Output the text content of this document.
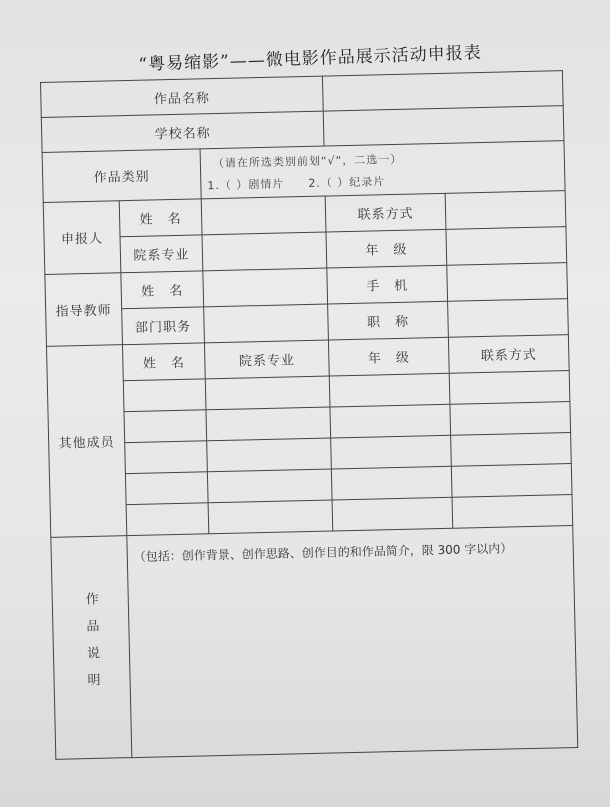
“粤易缩影”——微电影作品展示活动申报表
作品名称				
学校名称				
作品类别		（请在所选类别前划“√”，二选一）
1.（ ）剧情片　　2.（ ）纪录片		

申报人	姓　名		联系方式	
	院系专业		年　级	
指导教师	姓　名		手　机	
	部门职务		职　称	
其他成员	姓　名	院系专业	年　级	联系方式

作品说明	（包括：创作背景、创作思路、创作目的和作品简介，限 300 字以内）			
